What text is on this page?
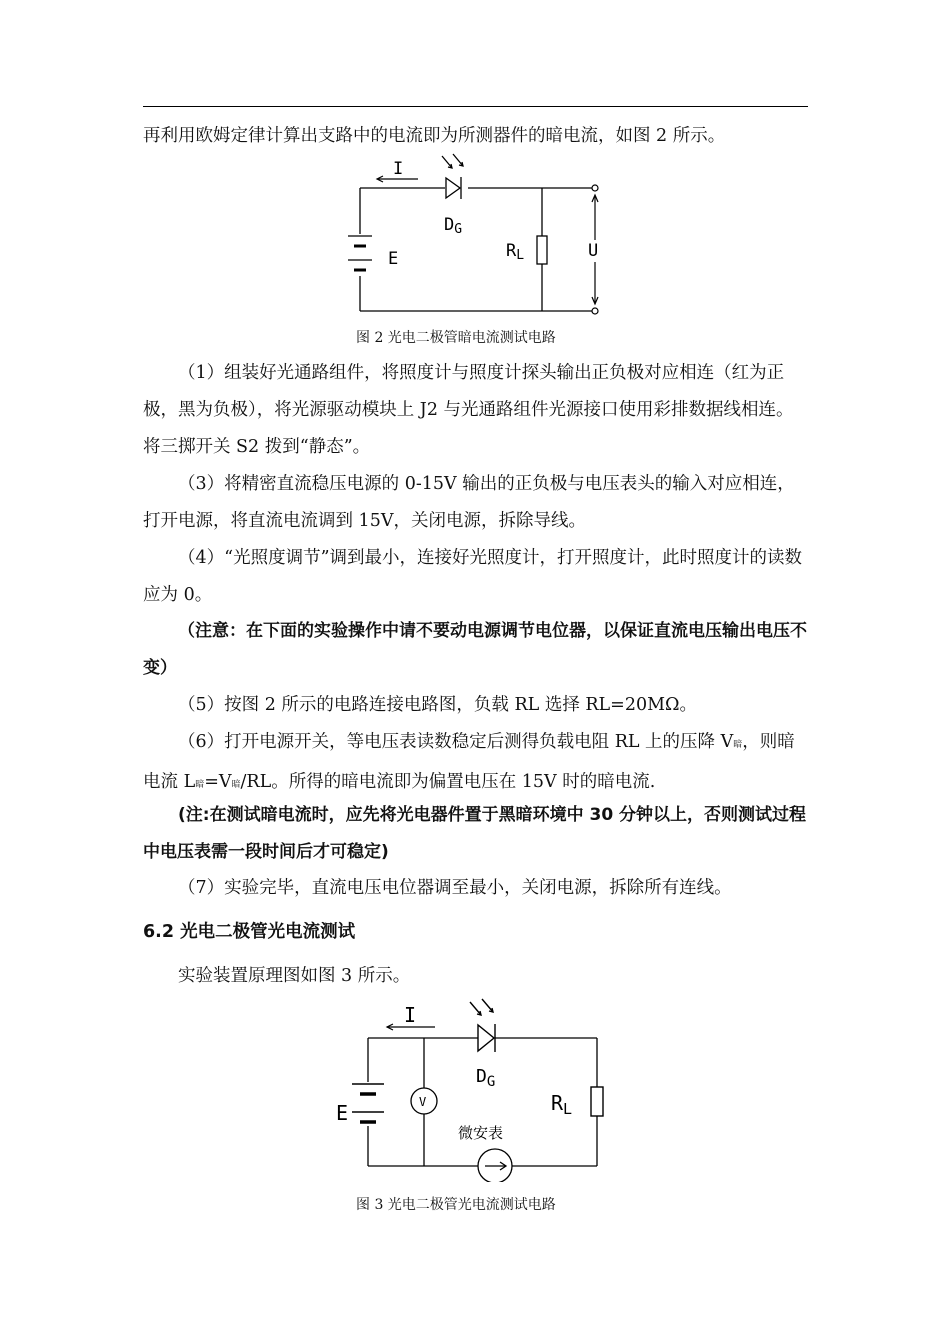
再利用欧姆定律计算出支路中的电流即为所测器件的暗电流，如图 2 所示。

I
DG
E	RL	U
图 2 光电二极管暗电流测试电路

（1）组装好光通路组件，将照度计与照度计探头输出正负极对应相连（红为正极，黑为负极），将光源驱动模块上 J2 与光通路组件光源接口使用彩排数据线相连。将三掷开关 S2 拨到“静态”。

（3）将精密直流稳压电源的 0-15V 输出的正负极与电压表头的输入对应相连，打开电源，将直流电流调到 15V，关闭电源，拆除导线。

（4）“光照度调节”调到最小，连接好光照度计，打开照度计，此时照度计的读数应为 0。

（注意：在下面的实验操作中请不要动电源调节电位器，以保证直流电压输出电压不变）

（5）按图 2 所示的电路连接电路图，负载 RL 选择 RL=20MΩ。

（6）打开电源开关，等电压表读数稳定后测得负载电阻 RL 上的压降 V暗，则暗电流 L暗=V暗/RL。所得的暗电流即为偏置电压在 15V 时的暗电流.

(注:在测试暗电流时，应先将光电器件置于黑暗环境中 30 分钟以上，否则测试过程中电压表需一段时间后才可稳定)

（7）实验完毕，直流电压电位器调至最小，关闭电源，拆除所有连线。

6.2 光电二极管光电流测试

实验装置原理图如图 3 所示。

V
I
$D_G$
E	$R_L$
微安表
图 3 光电二极管光电流测试电路
